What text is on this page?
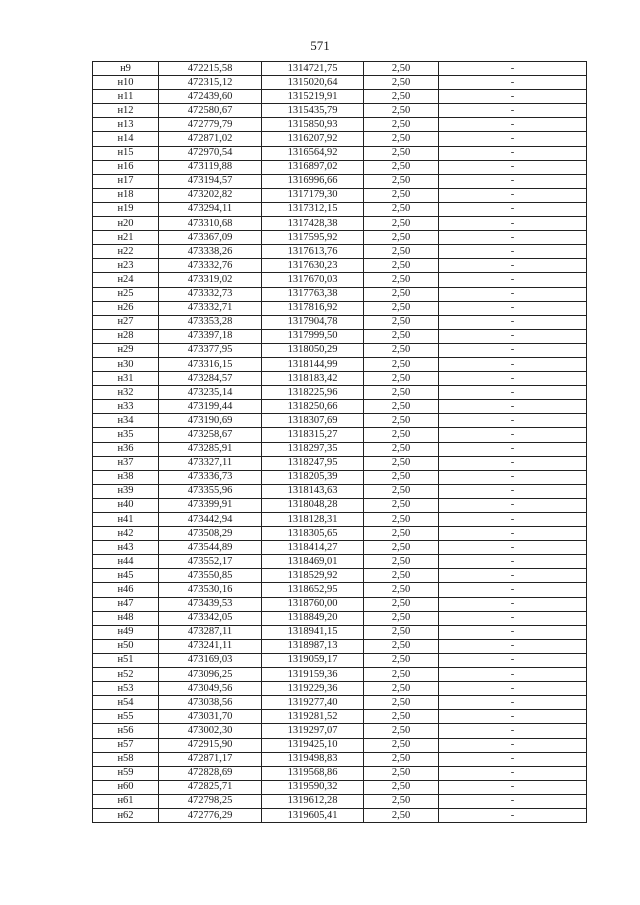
571
н9	472215,58	1314721,75	2,50	-
н10	472315,12	1315020,64	2,50	-
н11	472439,60	1315219,91	2,50	-
н12	472580,67	1315435,79	2,50	-
н13	472779,79	1315850,93	2,50	-
н14	472871,02	1316207,92	2,50	-
н15	472970,54	1316564,92	2,50	-
н16	473119,88	1316897,02	2,50	-
н17	473194,57	1316996,66	2,50	-
н18	473202,82	1317179,30	2,50	-
н19	473294,11	1317312,15	2,50	-
н20	473310,68	1317428,38	2,50	-
н21	473367,09	1317595,92	2,50	-
н22	473338,26	1317613,76	2,50	-
н23	473332,76	1317630,23	2,50	-
н24	473319,02	1317670,03	2,50	-
н25	473332,73	1317763,38	2,50	-
н26	473332,71	1317816,92	2,50	-
н27	473353,28	1317904,78	2,50	-
н28	473397,18	1317999,50	2,50	-
н29	473377,95	1318050,29	2,50	-
н30	473316,15	1318144,99	2,50	-
н31	473284,57	1318183,42	2,50	-
н32	473235,14	1318225,96	2,50	-
н33	473199,44	1318250,66	2,50	-
н34	473190,69	1318307,69	2,50	-
н35	473258,67	1318315,27	2,50	-
н36	473285,91	1318297,35	2,50	-
н37	473327,11	1318247,95	2,50	-
н38	473336,73	1318205,39	2,50	-
н39	473355,96	1318143,63	2,50	-
н40	473399,91	1318048,28	2,50	-
н41	473442,94	1318128,31	2,50	-
н42	473508,29	1318305,65	2,50	-
н43	473544,89	1318414,27	2,50	-
н44	473552,17	1318469,01	2,50	-
н45	473550,85	1318529,92	2,50	-
н46	473530,16	1318652,95	2,50	-
н47	473439,53	1318760,00	2,50	-
н48	473342,05	1318849,20	2,50	-
н49	473287,11	1318941,15	2,50	-
н50	473241,11	1318987,13	2,50	-
н51	473169,03	1319059,17	2,50	-
н52	473096,25	1319159,36	2,50	-
н53	473049,56	1319229,36	2,50	-
н54	473038,56	1319277,40	2,50	-
н55	473031,70	1319281,52	2,50	-
н56	473002,30	1319297,07	2,50	-
н57	472915,90	1319425,10	2,50	-
н58	472871,17	1319498,83	2,50	-
н59	472828,69	1319568,86	2,50	-
н60	472825,71	1319590,32	2,50	-
н61	472798,25	1319612,28	2,50	-
н62	472776,29	1319605,41	2,50	-
